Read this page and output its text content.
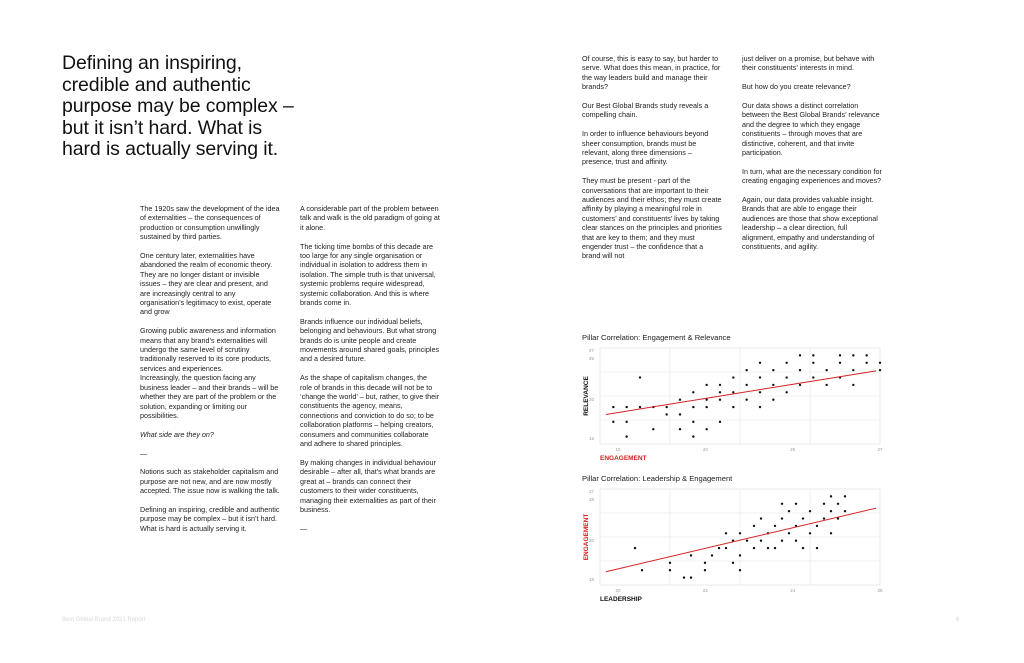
Defining an inspiring, credible and authentic purpose may be complex – but it isn’t hard. What is hard is actually serving it.

The 1920s saw the development of the idea of externalities – the consequences of production or consumption unwillingly sustained by third parties.

One century later, externalities have abandoned the realm of economic theory. They are no longer distant or invisible issues – they are clear and present, and are increasingly central to any organisation’s legitimacy to exist, operate and grow

Growing public awareness and information means that any brand’s externalities will undergo the same level of scrutiny traditionally reserved to its core products, services and experiences.

Increasingly, the question facing any business leader – and their brands – will be whether they are part of the problem or the solution, expanding or limiting our possibilities.

What side are they on?

—

Notions such as stakeholder capitalism and purpose are not new, and are now mostly accepted. The issue now is walking the talk.

Defining an inspiring, credible and authentic purpose may be complex – but it isn’t hard. What is hard is actually serving it.

A considerable part of the problem between talk and walk is the old paradigm of going at it alone.

The ticking time bombs of this decade are too large for any single organisation or individual in isolation to address them in isolation. The simple truth is that universal, systemic problems require widespread, systemic collaboration. And this is where brands come in.

Brands influence our individual beliefs, belonging and behaviours. But what strong brands do is unite people and create movements around shared goals, principles and a desired future.

As the shape of capitalism changes, the role of brands in this decade will not be to ‘change the world’ – but, rather, to give their constituents the agency, means, connections and conviction to do so; to be collaboration platforms – helping creators, consumers and communities collaborate and adhere to shared principles.

By making changes in individual behaviour desirable – after all, that’s what brands are great at – brands can connect their customers to their wider constituents, managing their externalities as part of their business.

—

Of course, this is easy to say, but harder to serve. What does this mean, in practice, for the way leaders build and manage their brands?

Our Best Global Brands study reveals a compelling chain.

In order to influence behaviours beyond sheer consumption, brands must be relevant, along three dimensions – presence, trust and affinity.

They must be present - part of the conversations that are important to their audiences and their ethos; they must create affinity by playing a meaningful role in customers’ and constituents’ lives by taking clear stances on the principles and priorities that are key to them; and they must engender trust – the confidence that a brand will not

just deliver on a promise, but behave with their constituents’ interests in mind.

But how do you create relevance?

Our data shows a distinct correlation between the Best Global Brands’ relevance and the degree to which they engage constituents – through moves that are distinctive, coherent, and that invite participation.

In turn, what are the necessary condition for creating engaging experiences and moves?

Again, our data provides valuable insight. Brands that are able to engage their audiences are those that show exceptional leadership – a clear direction, full alignment, empathy and understanding of constituents, and agility.

Pillar Correlation: Engagement & Relevance
15
20
25
27
15	20	25	27
ENGAGEMENT
RELEVANCE
Pillar Correlation: Leadership & Engagement
15
20
25
27
20	22	24	26
LEADERSHIP
ENGAGEMENT
Best Global Brand 2021 Report	6
